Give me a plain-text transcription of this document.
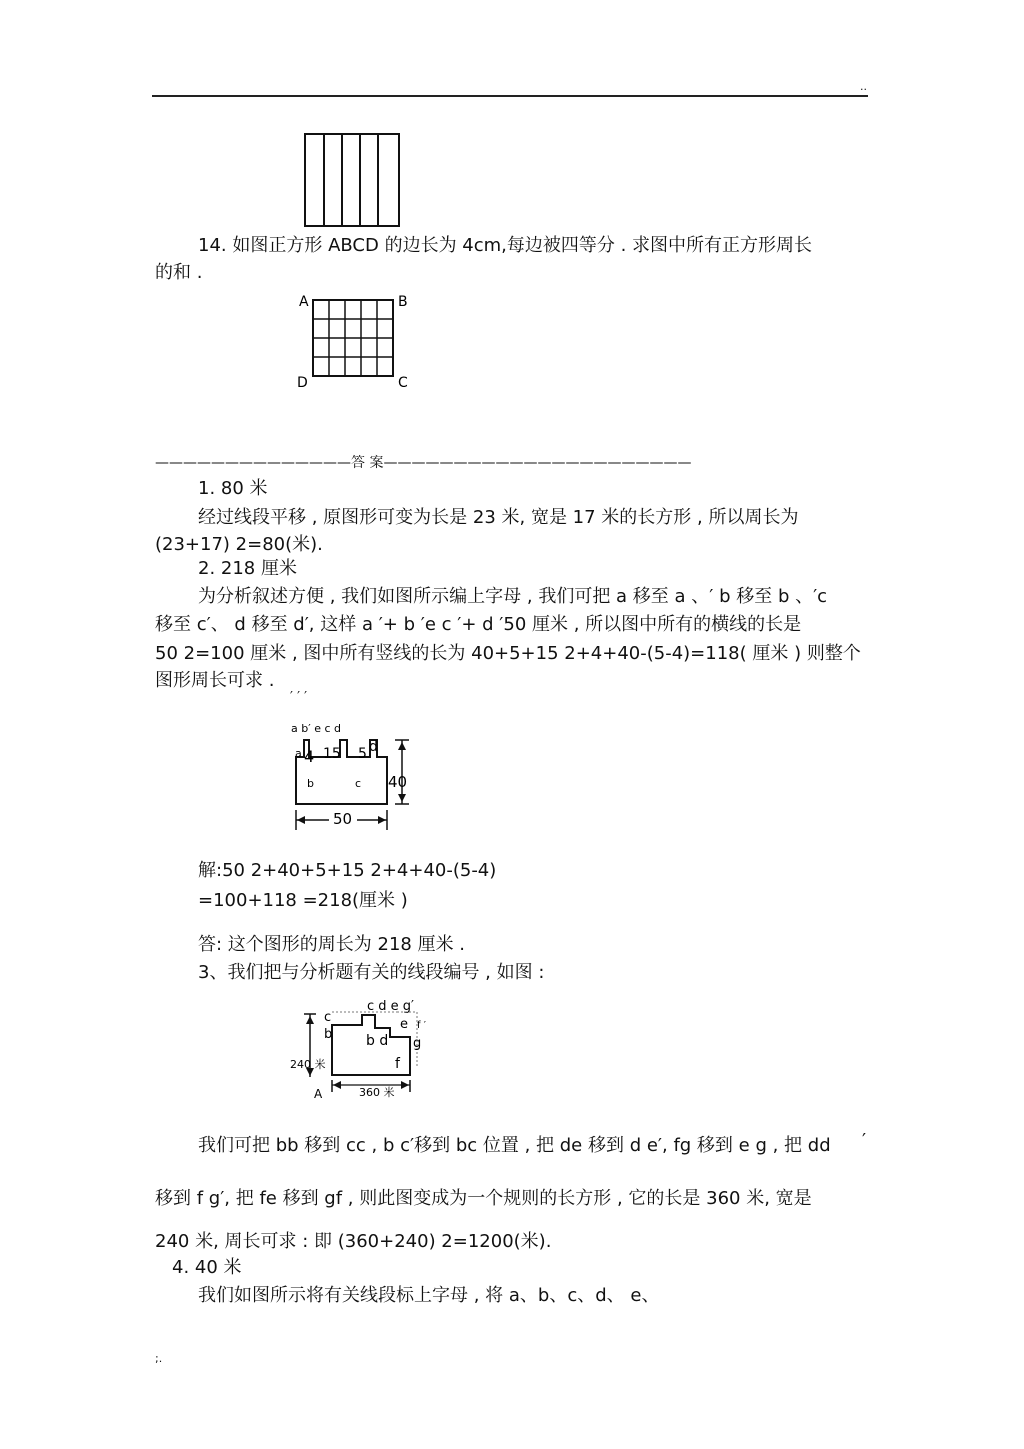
..
14. 如图正方形 ABCD 的边长为 4cm,每边被四等分 . 求图中所有正方形周长
的和 .
A	B
D	C
——————————————答 案——————————————————————
1. 80 米
经过线段平移 , 原图形可变为长是 23 米, 宽是 17 米的长方形 , 所以周长为
(23+17) 2=80(米).
2. 218 厘米
为分析叙述方便 , 我们如图所示编上字母 , 我们可把 a 移至 a 、′ b 移至 b 、′c
移至 c′、 d 移至 d′, 这样 a ′+ b ′e c ′+ d ′50 厘米 , 所以图中所有的横线的长是
50 2=100 厘米 , 图中所有竖线的长为 40+5+15 2+4+40-(5-4)=118( 厘米 ) 则整个
图形周长可求 .
′ ′ ′
a b′ e c d
a 4 15 5 d
b	c 40
50
解:50 2+40+5+15 2+4+40-(5-4)
=100+118 =218(厘米 )
答: 这个图形的周长为 218 厘米 .
3、我们把与分析题有关的线段编号 , 如图 :
c d e g′
c
b
e f ′
g
b d
f
240 米
360 米
A
我们可把 bb 移到 cc , b c′移到 bc 位置 , 把 de 移到 d e′, fg 移到 e g , 把 dd ′
移到 f g′, 把 fe 移到 gf , 则此图变成为一个规则的长方形 , 它的长是 360 米, 宽是
240 米, 周长可求 : 即 (360+240) 2=1200(米).
4. 40 米
我们如图所示将有关线段标上字母 , 将 a、b、c、d、 e、
;.
